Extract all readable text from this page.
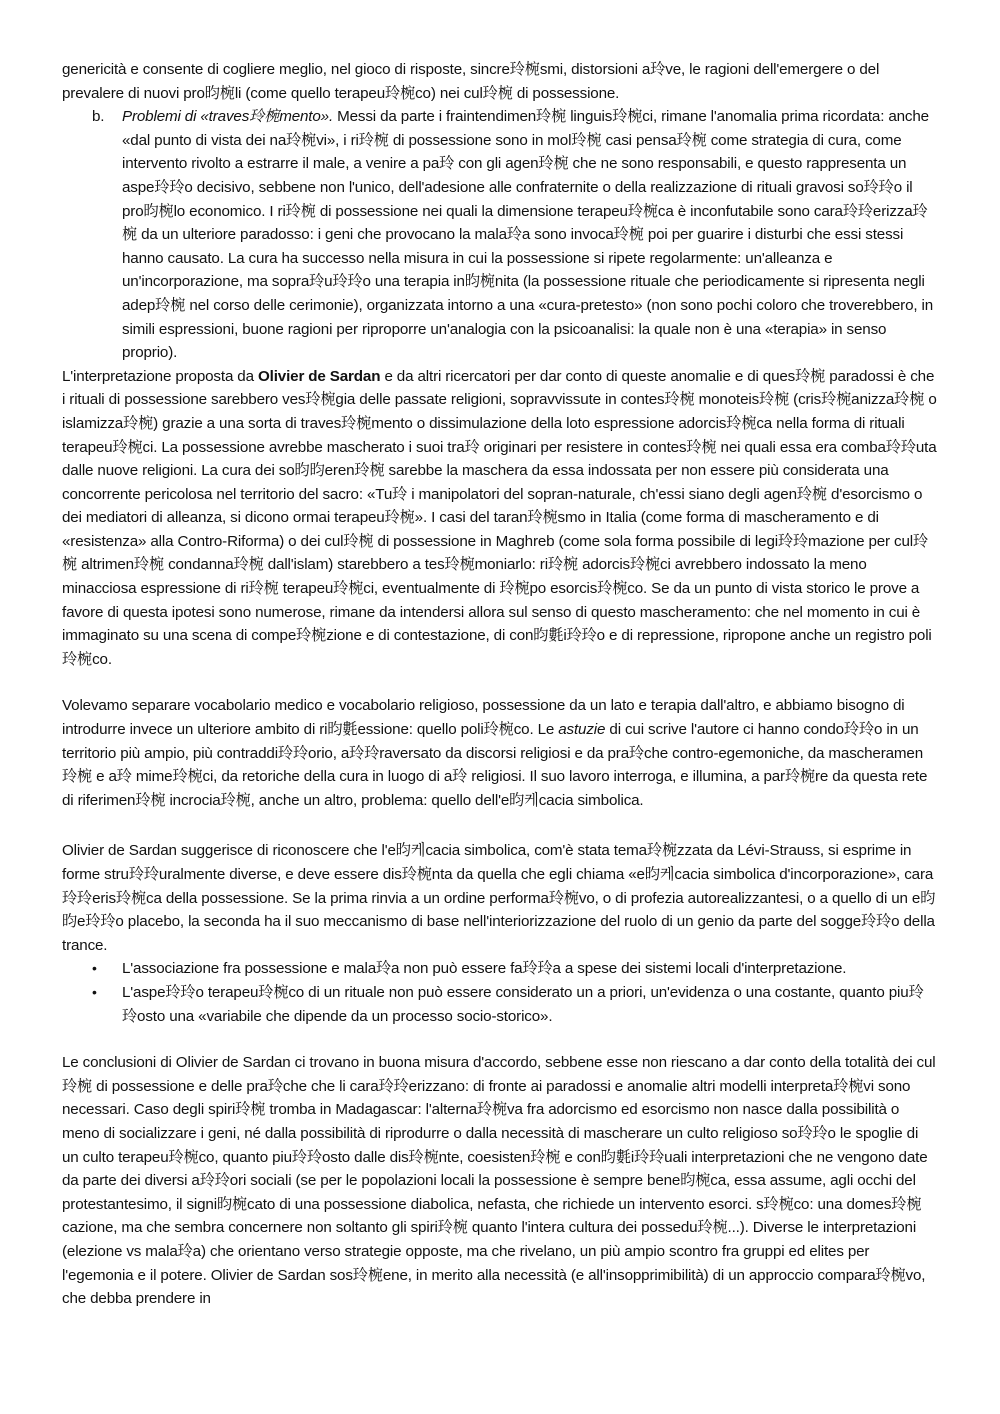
genericità e consente di cogliere meglio, nel gioco di risposte, sincre玲椀smi, distorsioni a玲ve, le ragioni dell'emergere o del prevalere di nuovi pro昀椀li (come quello terapeu玲椀co) nei cul玲椀 di possessione.

b. Problemi di «traves玲椀mento». Messi da parte i fraintendimen玲椀 linguis玲椀ci, rimane l'anomalia prima ricordata: anche «dal punto di vista dei na玲椀vi», i ri玲椀 di possessione sono in mol玲椀 casi pensa玲椀 come strategia di cura, come intervento rivolto a estrarre il male, a venire a pa玲 con gli agen玲椀 che ne sono responsabili, e questo rappresenta un aspe玲玲o decisivo, sebbene non l'unico, dell'adesione alle confraternite o della realizzazione di rituali gravosi so玲玲o il pro昀椀lo economico. I ri玲椀 di possessione nei quali la dimensione terapeu玲椀ca è inconfutabile sono cara玲玲erizza玲椀 da un ulteriore paradosso: i geni che provocano la mala玲a sono invoca玲椀 poi per guarire i disturbi che essi stessi hanno causato. La cura ha successo nella misura in cui la possessione si ripete regolarmente: un'alleanza e un'incorporazione, ma sopra玲u玲玲o una terapia in昀椀nita (la possessione rituale che periodicamente si ripresenta negli adep玲椀 nel corso delle cerimonie), organizzata intorno a una «cura-pretesto» (non sono pochi coloro che troverebbero, in simili espressioni, buone ragioni per riproporre un'analogia con la psicoanalisi: la quale non è una «terapia» in senso proprio).

L'interpretazione proposta da Olivier de Sardan e da altri ricercatori per dar conto di queste anomalie e di ques玲椀 paradossi è che i rituali di possessione sarebbero ves玲椀gia delle passate religioni, sopravvissute in contes玲椀 monoteis玲椀 (cris玲椀anizza玲椀 o islamizza玲椀) grazie a una sorta di traves玲椀mento o dissimulazione della loto espressione adorcis玲椀ca nella forma di rituali terapeu玲椀ci. La possessione avrebbe mascherato i suoi tra玲 originari per resistere in contes玲椀 nei quali essa era comba玲玲uta dalle nuove religioni. La cura dei so昀昀eren玲椀 sarebbe la maschera da essa indossata per non essere più considerata una concorrente pericolosa nel territorio del sacro: «Tu玲 i manipolatori del sopran-naturale, ch'essi siano degli agen玲椀 d'esorcismo o dei mediatori di alleanza, si dicono ormai terapeu玲椀». I casi del taran玲椀smo in Italia (come forma di mascheramento e di «resistenza» alla Contro-Riforma) o dei cul玲椀 di possessione in Maghreb (come sola forma possibile di legi玲玲mazione per cul玲椀 altrimen玲椀 condanna玲椀 dall'islam) starebbero a tes玲椀moniarlo: ri玲椀 adorcis玲椀ci avrebbero indossato la meno minacciosa espressione di ri玲椀 terapeu玲椀ci, eventualmente di 玲椀po esorcis玲椀co. Se da un punto di vista storico le prove a favore di questa ipotesi sono numerose, rimane da intendersi allora sul senso di questo mascheramento: che nel momento in cui è immaginato su una scena di compe玲椀zione e di contestazione, di con昀氀i玲玲o e di repressione, ripropone anche un registro poli玲椀co.

Volevamo separare vocabolario medico e vocabolario religioso, possessione da un lato e terapia dall'altro, e abbiamo bisogno di introdurre invece un ulteriore ambito di ri昀氀essione: quello poli玲椀co. Le astuzie di cui scrive l'autore ci hanno condo玲玲o in un territorio più ampio, più contraddi玲玲orio, a玲玲raversato da discorsi religiosi e da pra玲che contro-egemoniche, da mascheramen玲椀 e a玲 mime玲椀ci, da retoriche della cura in luogo di a玲 religiosi. Il suo lavoro interroga, e illumina, a par玲椀re da questa rete di riferimen玲椀 incrocia玲椀, anche un altro, problema: quello dell'e昀케cacia simbolica.

Olivier de Sardan suggerisce di riconoscere che l'e昀케cacia simbolica, com'è stata tema玲椀zzata da Lévi-Strauss, si esprime in forme stru玲玲uralmente diverse, e deve essere dis玲椀nta da quella che egli chiama «e昀케cacia simbolica d'incorporazione», cara玲玲eris玲椀ca della possessione. Se la prima rinvia a un ordine performa玲椀vo, o di profezia autorealizzantesi, o a quello di un e昀昀e玲玲o placebo, la seconda ha il suo meccanismo di base nell'interiorizzazione del ruolo di un genio da parte del sogge玲玲o della trance.

• L'associazione fra possessione e mala玲a non può essere fa玲玲a a spese dei sistemi locali d'interpretazione.
• L'aspe玲玲o terapeu玲椀co di un rituale non può essere considerato un a priori, un'evidenza o una costante, quanto piu玲玲osto una «variabile che dipende da un processo socio-storico».

Le conclusioni di Olivier de Sardan ci trovano in buona misura d'accordo, sebbene esse non riescano a dar conto della totalità dei cul玲椀 di possessione e delle pra玲che che li cara玲玲erizzano: di fronte ai paradossi e anomalie altri modelli interpreta玲椀vi sono necessari. Caso degli spiri玲椀 tromba in Madagascar: l'alterna玲椀va fra adorcismo ed esorcismo non nasce dalla possibilità o meno di socializzare i geni, né dalla possibilità di riprodurre o dalla necessità di mascherare un culto religioso so玲玲o le spoglie di un culto terapeu玲椀co, quanto piu玲玲osto dalle dis玲椀nte, coesisten玲椀 e con昀氀i玲玲uali interpretazioni che ne vengono date da parte dei diversi a玲玲ori sociali (se per le popolazioni locali la possessione è sempre bene昀椀ca, essa assume, agli occhi del protestantesimo, il signi昀椀cato di una possessione diabolica, nefasta, che richiede un intervento esorci. s玲椀co: una domes玲椀cazione, ma che sembra concernere non soltanto gli spiri玲椀 quanto l'intera cultura dei possedu玲椀...). Diverse le interpretazioni (elezione vs mala玲a) che orientano verso strategie opposte, ma che rivelano, un più ampio scontro fra gruppi ed elites per l'egemonia e il potere. Olivier de Sardan sos玲椀ene, in merito alla necessità (e all'insopprimibilità) di un approccio compara玲椀vo, che debba prendere in
